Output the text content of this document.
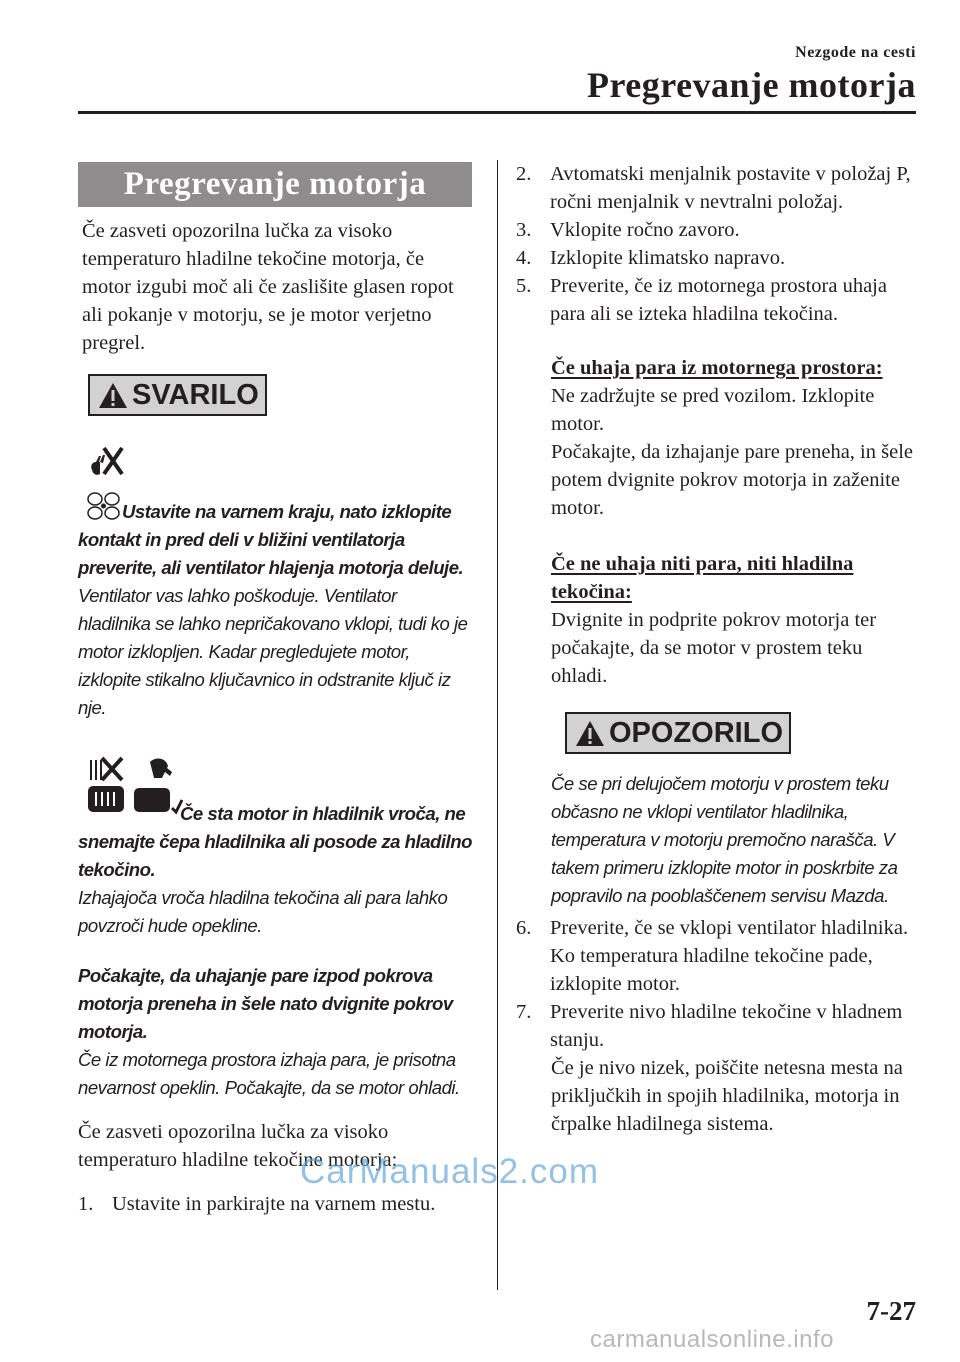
Nezgode na cesti
Pregrevanje motorja
Pregrevanje motorja
Če zasveti opozorilna lučka za visoko temperaturo hladilne tekočine motorja, če motor izgubi moč ali če zaslišite glasen ropot ali pokanje v motorju, se je motor verjetno pregrel.
SVARILO
Ustavite na varnem kraju, nato izklopite kontakt in pred deli v bližini ventilatorja preverite, ali ventilator hlajenja motorja deluje.
Ventilator vas lahko poškoduje. Ventilator hladilnika se lahko nepričakovano vklopi, tudi ko je motor izklopljen. Kadar pregledujete motor, izklopite stikalno ključavnico in odstranite ključ iz nje.
Če sta motor in hladilnik vroča, ne snemajte čepa hladilnika ali posode za hladilno tekočino.
Izhajajoča vroča hladilna tekočina ali para lahko povzroči hude opekline.
Počakajte, da uhajanje pare izpod pokrova motorja preneha in šele nato dvignite pokrov motorja.
Če iz motornega prostora izhaja para, je prisotna nevarnost opeklin. Počakajte, da se motor ohladi.
Če zasveti opozorilna lučka za visoko temperaturo hladilne tekočine motorja:
1. Ustavite in parkirajte na varnem mestu.
2. Avtomatski menjalnik postavite v položaj P, ročni menjalnik v nevtralni položaj.
3. Vklopite ročno zavoro.
4. Izklopite klimatsko napravo.
5. Preverite, če iz motornega prostora uhaja para ali se izteka hladilna tekočina.
Če uhaja para iz motornega prostora:
Ne zadržujte se pred vozilom. Izklopite motor.
Počakajte, da izhajanje pare preneha, in šele potem dvignite pokrov motorja in zaženite motor.
Če ne uhaja niti para, niti hladilna tekočina:
Dvignite in podprite pokrov motorja ter počakajte, da se motor v prostem teku ohladi.
OPOZORILO
Če se pri delujočem motorju v prostem teku občasno ne vklopi ventilator hladilnika, temperatura v motorju premočno narašča. V takem primeru izklopite motor in poskrbite za popravilo na pooblaščenem servisu Mazda.
6. Preverite, če se vklopi ventilator hladilnika. Ko temperatura hladilne tekočine pade, izklopite motor.
7. Preverite nivo hladilne tekočine v hladnem stanju.
Če je nivo nizek, poiščite netesna mesta na priključkih in spojih hladilnika, motorja in črpalke hladilnega sistema.
7-27
CarManuals2.com
carmanualsonline.info
